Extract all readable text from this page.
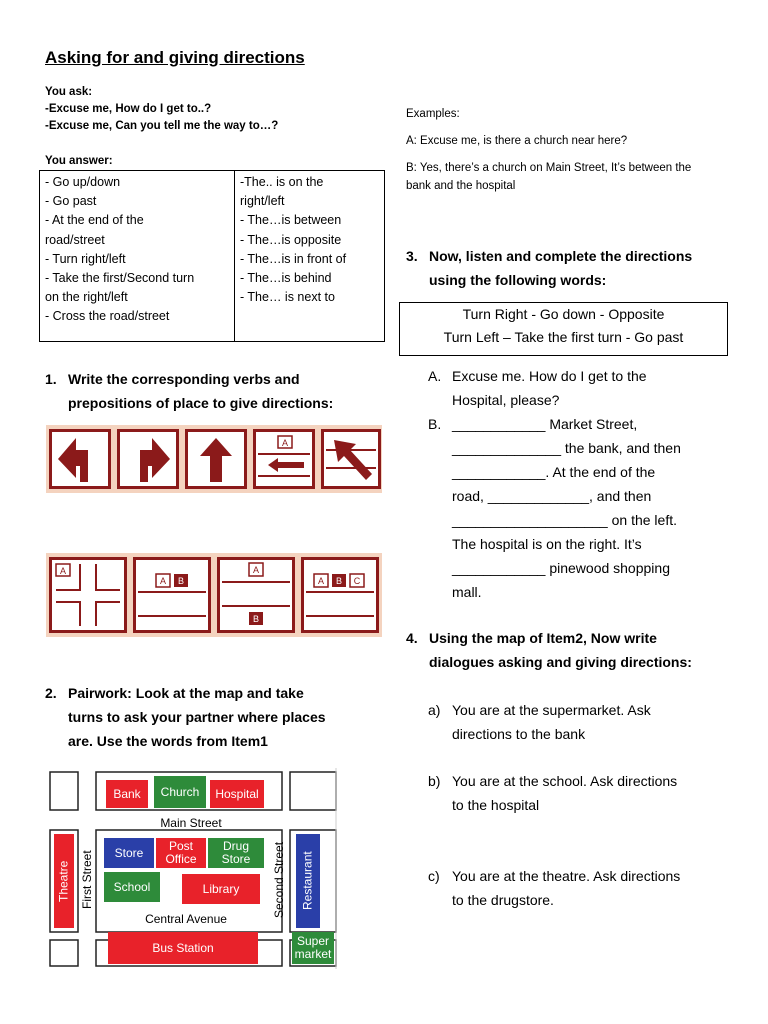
Asking for and giving directions
You ask:
-Excuse me, How do I get to..?
-Excuse me, Can you tell me the way to…?
You answer:
- Go up/down
- Go past
- At the end of the
road/street
- Turn right/left
- Take the first/Second turn
on the right/left
- Cross the road/street
-The.. is on the
right/left
- The…is between
- The…is opposite
- The…is in front of
- The…is behind
- The… is next to
Examples:
A: Excuse me, is there a church near here?
B: Yes, there’s a church on Main Street, It’s between the
bank and the hospital
1. Write the corresponding verbs and
prepositions of place to give directions:
A
A
A B
A
B
A B C
2. Pairwork: Look at the map and take
turns to ask your partner where places
are. Use the words from Item1
Bank	Church	Hospital
Main Street
Store	Post Office
Drug Store
School	Library
Theatre First Street	Second Street	Restaurant
Central Avenue
Bus Station	Super market
3. Now, listen and complete the directions
using the following words:
Turn Right - Go down - Opposite
Turn Left – Take the first turn - Go past
A. Excuse me. How do I get to the
Hospital, please?
B. ____________ Market Street,
______________ the bank, and then
____________. At the end of the
road, _____________, and then
____________________ on the left.
The hospital is on the right. It’s
____________ pinewood shopping
mall.
4. Using the map of Item2, Now write
dialogues asking and giving directions:
a) You are at the supermarket. Ask
directions to the bank
b) You are at the school. Ask directions
to the hospital
c) You are at the theatre. Ask directions
to the drugstore.
